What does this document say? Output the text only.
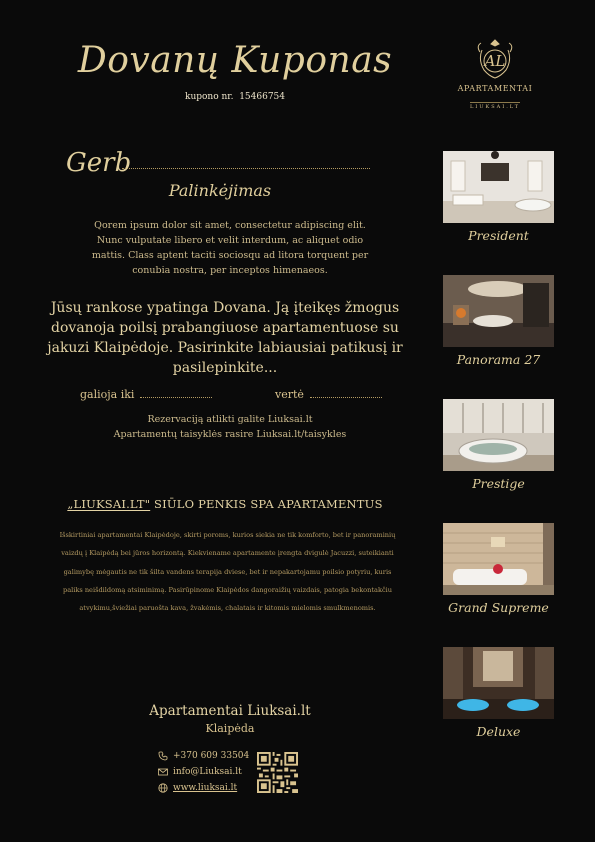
Dovanų Kuponas
kupono nr. 15466754
AL
APARTAMENTAI
LIUKSAI.LT
Gerb
Palinkėjimas
Qorem ipsum dolor sit amet, consectetur adipiscing elit. Nunc vulputate libero et velit interdum, ac aliquet odio mattis. Class aptent taciti sociosqu ad litora torquent per conubia nostra, per inceptos himenaeos.
Jūsų rankose ypatinga Dovana. Ją įteikęs žmogus dovanoja poilsį prabangiuose apartamentuose su jakuzi Klaipėdoje. Pasirinkite labiausiai patikusį ir pasilepinkite...
galioja iki	vertė
Rezervaciją atlikti galite Liuksai.lt
Apartamentų taisyklės rasire Liuksai.lt/taisykles
„LIUKSAI.LT" SIŪLO PENKIS SPA APARTAMENTUS
Išskirtiniai apartamentai Klaipėdoje, skirti poroms, kurios siekia ne tik komforto, bet ir panoraminių vaizdų į Klaipėdą bei jūros horizontą. Kiekviename apartamente įrengta dvigulė Jacuzzi, suteikianti galimybę mėgautis ne tik šilta vandens terapija dviese, bet ir nepakartojamu poilsio potyriu, kuris paliks neišdildomą atsiminimą. Pasirūpinome Klaipėdos dangoraižių vaizdais, patogia bekontakčiu atvykimu,šviežiai paruošta kava, žvakėmis, chalatais ir kitomis mielomis smulkmenomis.
Apartamentai Liuksai.lt
Klaipėda
+370 609 33504
info@Liuksai.lt
www.liuksai.lt
President
Panorama 27
Prestige
Grand Supreme
Deluxe
